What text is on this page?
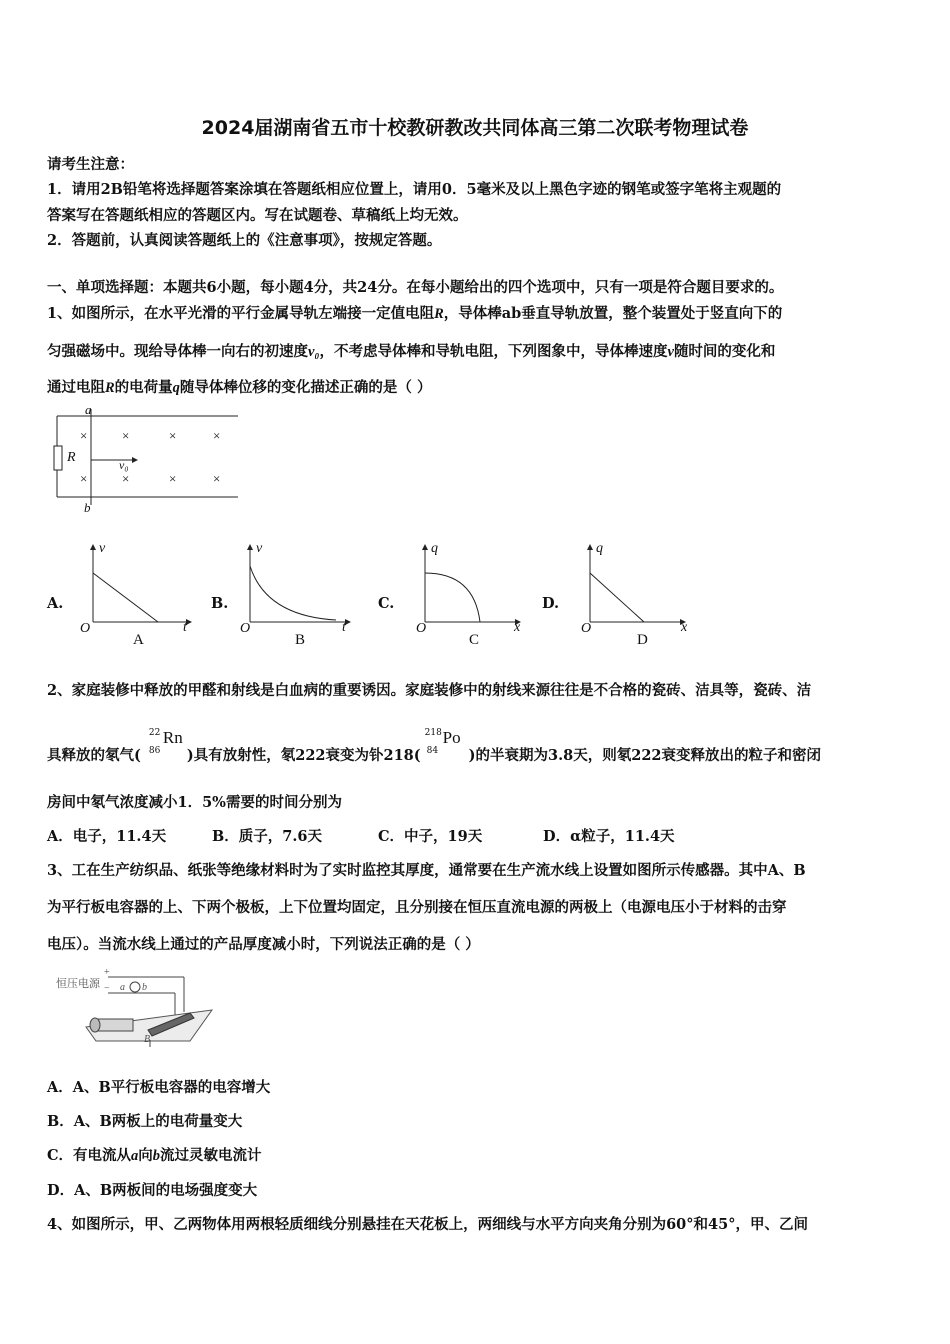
2024届湖南省五市十校教研教改共同体高三第二次联考物理试卷
请考生注意：
1．请用2B铅笔将选择题答案涂填在答题纸相应位置上，请用0．5毫米及以上黑色字迹的钢笔或签字笔将主观题的
答案写在答题纸相应的答题区内。写在试题卷、草稿纸上均无效。
2．答题前，认真阅读答题纸上的《注意事项》，按规定答题。
一、单项选择题：本题共6小题，每小题4分，共24分。在每小题给出的四个选项中，只有一项是符合题目要求的。
1、如图所示，在水平光滑的平行金属导轨左端接一定值电阻R，导体棒ab垂直导轨放置，整个装置处于竖直向下的
匀强磁场中。现给导体棒一向右的初速度v₀，不考虑导体棒和导轨电阻，下列图象中，导体棒速度v随时间的变化和
通过电阻R的电荷量q随导体棒位移的变化描述正确的是（ ）
a
b
R	v₀
×	×	×	×
×	×	×	×
A.
v
t
O
A
B.
v
t
O
B
C.
q
x
O
C
D.
q
x
O
D
2、家庭装修中释放的甲醛和射线是白血病的重要诱因。家庭装修中的射线来源往往是不合格的瓷砖、洁具等，瓷砖、洁
具释放的氡气(
22
86
Rn
)具有放射性，氡222衰变为钋218(
218
84
Po
)的半衰期为3.8天，则氡222衰变释放出的粒子和密闭
房间中氡气浓度减小1．5%需要的时间分别为
A．电子，11.4天	B．质子，7.6天	C．中子，19天	D．α粒子，11.4天
3、工在生产纺织品、纸张等绝缘材料时为了实时监控其厚度，通常要在生产流水线上设置如图所示传感器。其中A、B
为平行板电容器的上、下两个极板，上下位置均固定，且分别接在恒压直流电源的两极上（电源电压小于材料的击穿
电压）。当流水线上通过的产品厚度减小时，下列说法正确的是（ ）
恒压电源
+
− a b
B
A．A、B平行板电容器的电容增大
B．A、B两板上的电荷量变大
C．有电流从a向b流过灵敏电流计
D．A、B两板间的电场强度变大
4、如图所示，甲、乙两物体用两根轻质细线分别悬挂在天花板上，两细线与水平方向夹角分别为60°和45°，甲、乙间
